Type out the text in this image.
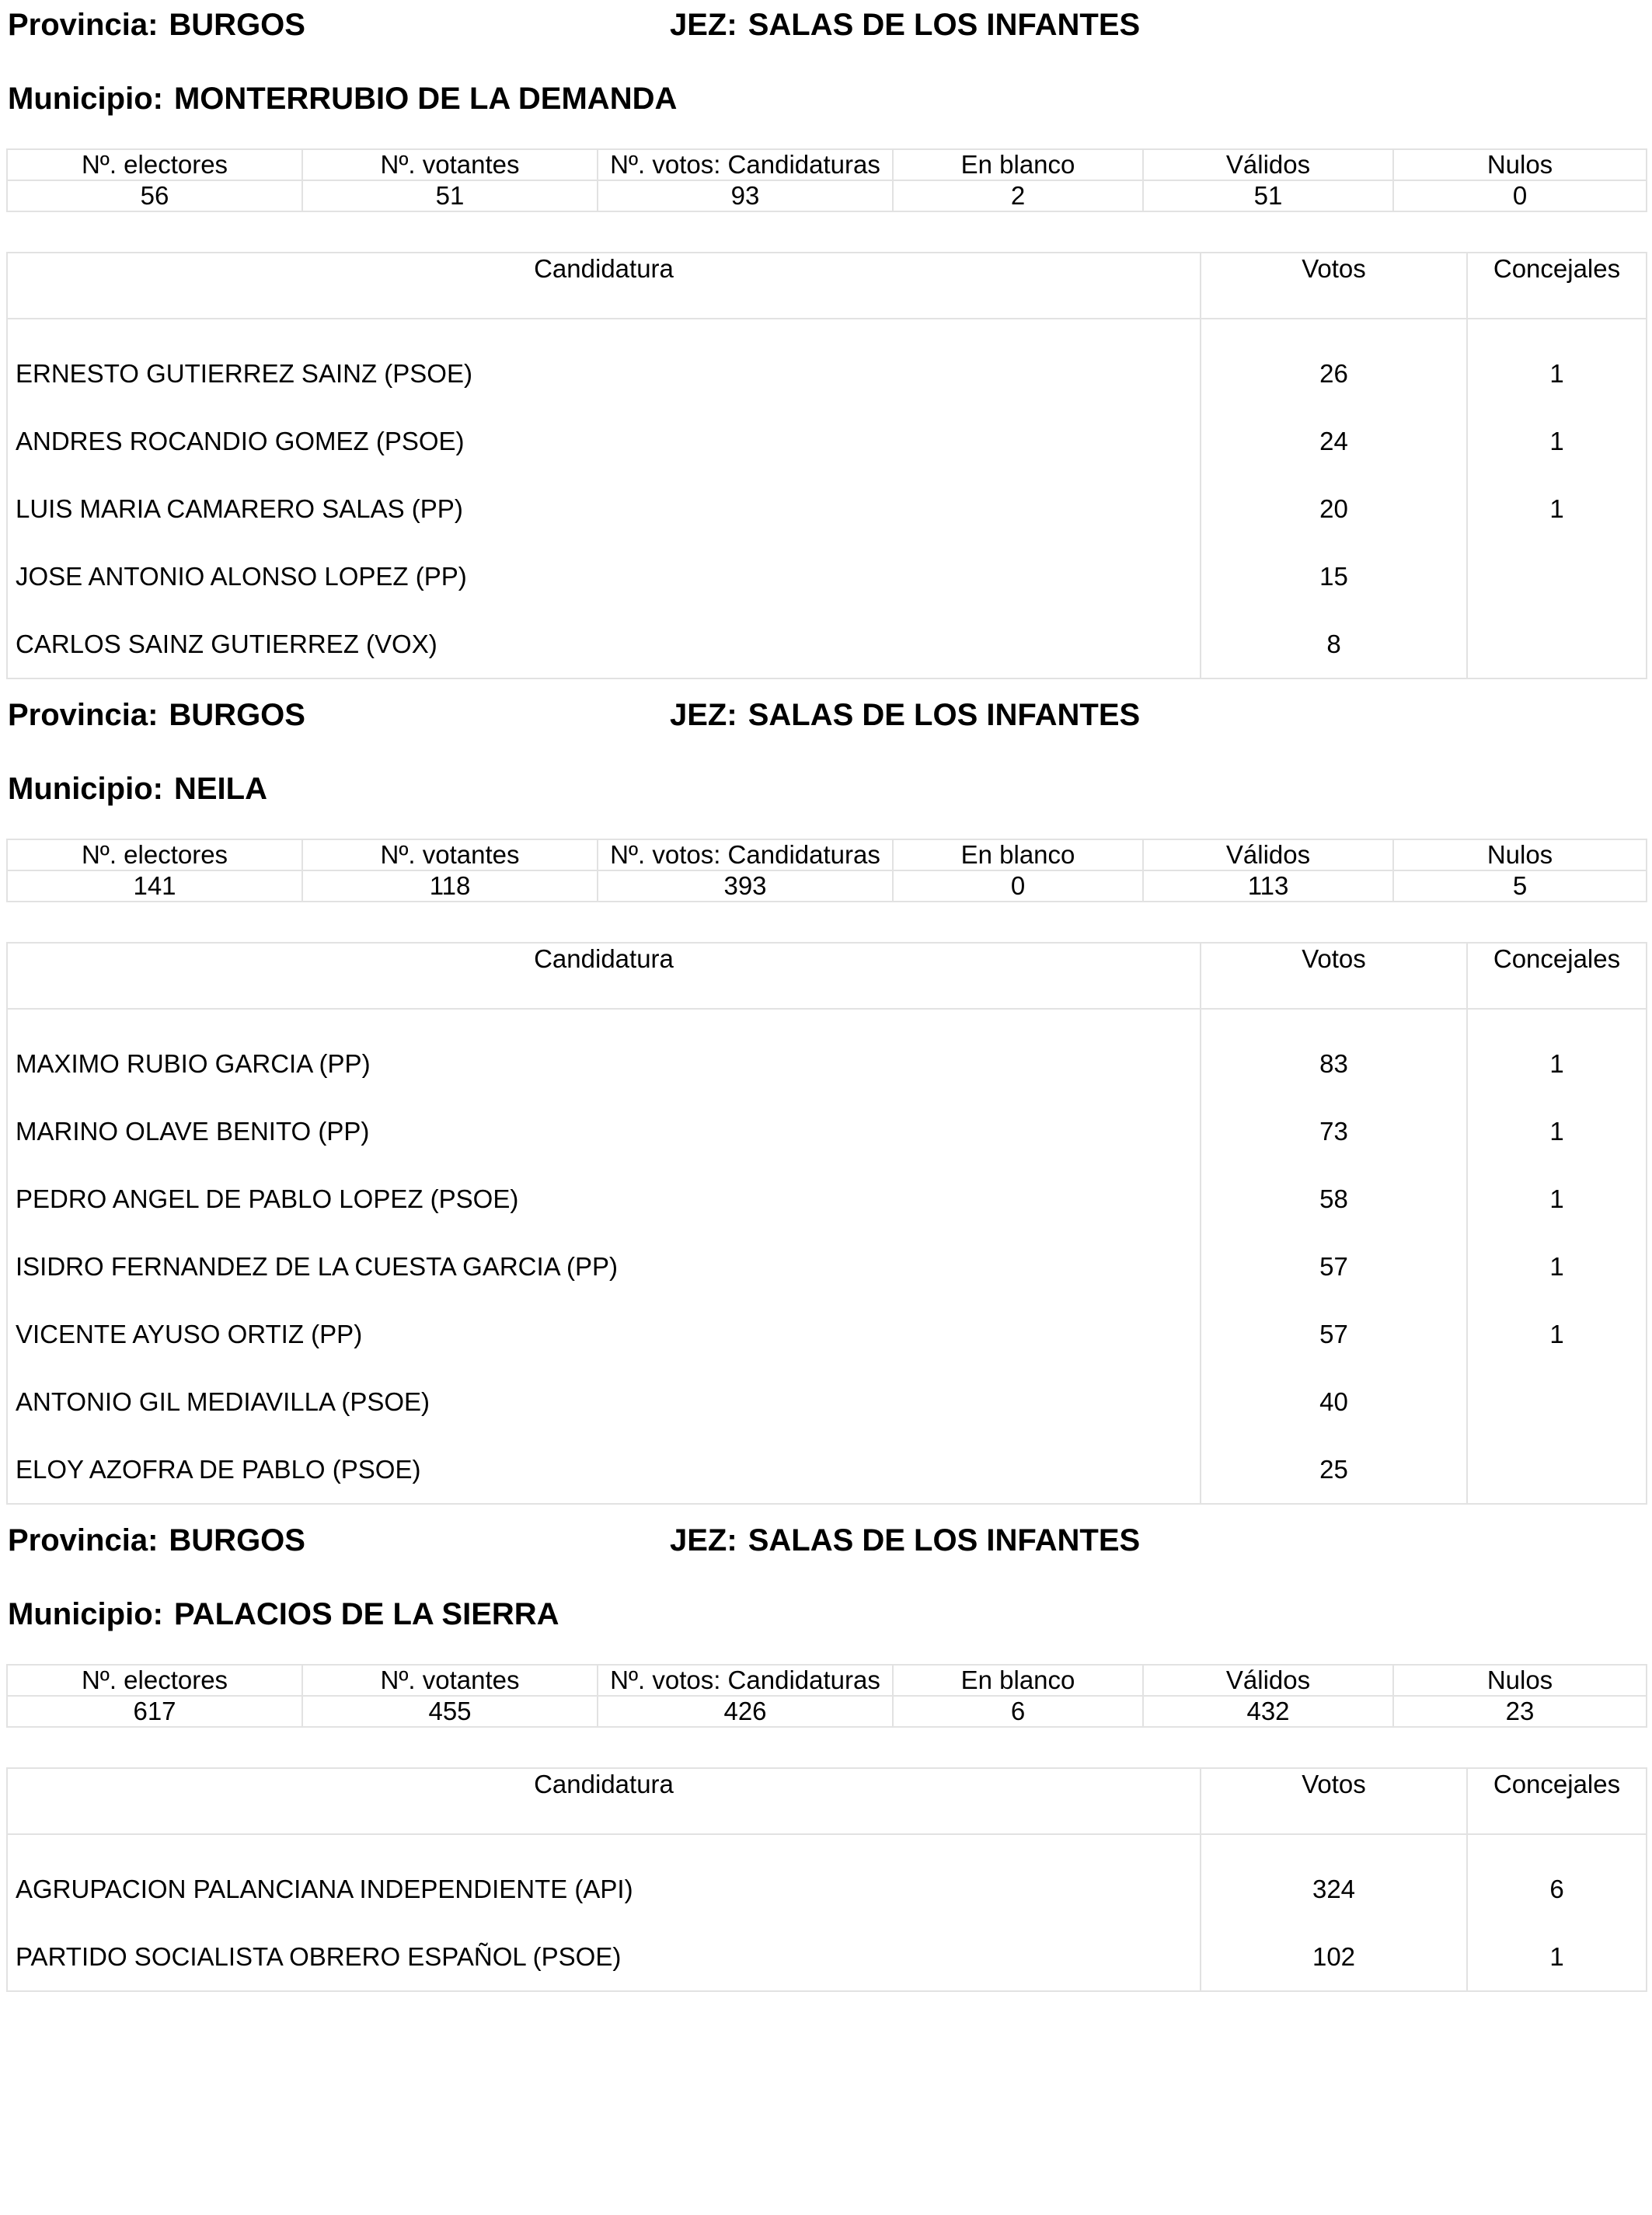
Provincia: BURGOS	JEZ: SALAS DE LOS INFANTES
Municipio: MONTERRUBIO DE LA DEMANDA
Nº. electores	Nº. votantes	Nº. votos: Candidaturas	En blanco	Válidos	Nulos
56	51	93	2	51	0
Candidatura	Votos	Concejales
ERNESTO GUTIERREZ SAINZ (PSOE)	26	1
ANDRES ROCANDIO GOMEZ (PSOE)	24	1
LUIS MARIA CAMARERO SALAS (PP)	20	1
JOSE ANTONIO ALONSO LOPEZ (PP)	15	
CARLOS SAINZ GUTIERREZ (VOX)	8	
Provincia: BURGOS	JEZ: SALAS DE LOS INFANTES
Municipio: NEILA
Nº. electores	Nº. votantes	Nº. votos: Candidaturas	En blanco	Válidos	Nulos
141	118	393	0	113	5
Candidatura	Votos	Concejales
MAXIMO RUBIO GARCIA (PP)	83	1
MARINO OLAVE BENITO (PP)	73	1
PEDRO ANGEL DE PABLO LOPEZ (PSOE)	58	1
ISIDRO FERNANDEZ DE LA CUESTA GARCIA (PP)	57	1
VICENTE AYUSO ORTIZ (PP)	57	1
ANTONIO GIL MEDIAVILLA (PSOE)	40	
ELOY AZOFRA DE PABLO (PSOE)	25	
Provincia: BURGOS	JEZ: SALAS DE LOS INFANTES
Municipio: PALACIOS DE LA SIERRA
Nº. electores	Nº. votantes	Nº. votos: Candidaturas	En blanco	Válidos	Nulos
617	455	426	6	432	23
Candidatura	Votos	Concejales
AGRUPACION PALANCIANA INDEPENDIENTE (API)	324	6
PARTIDO SOCIALISTA OBRERO ESPAÑOL (PSOE)	102	1
